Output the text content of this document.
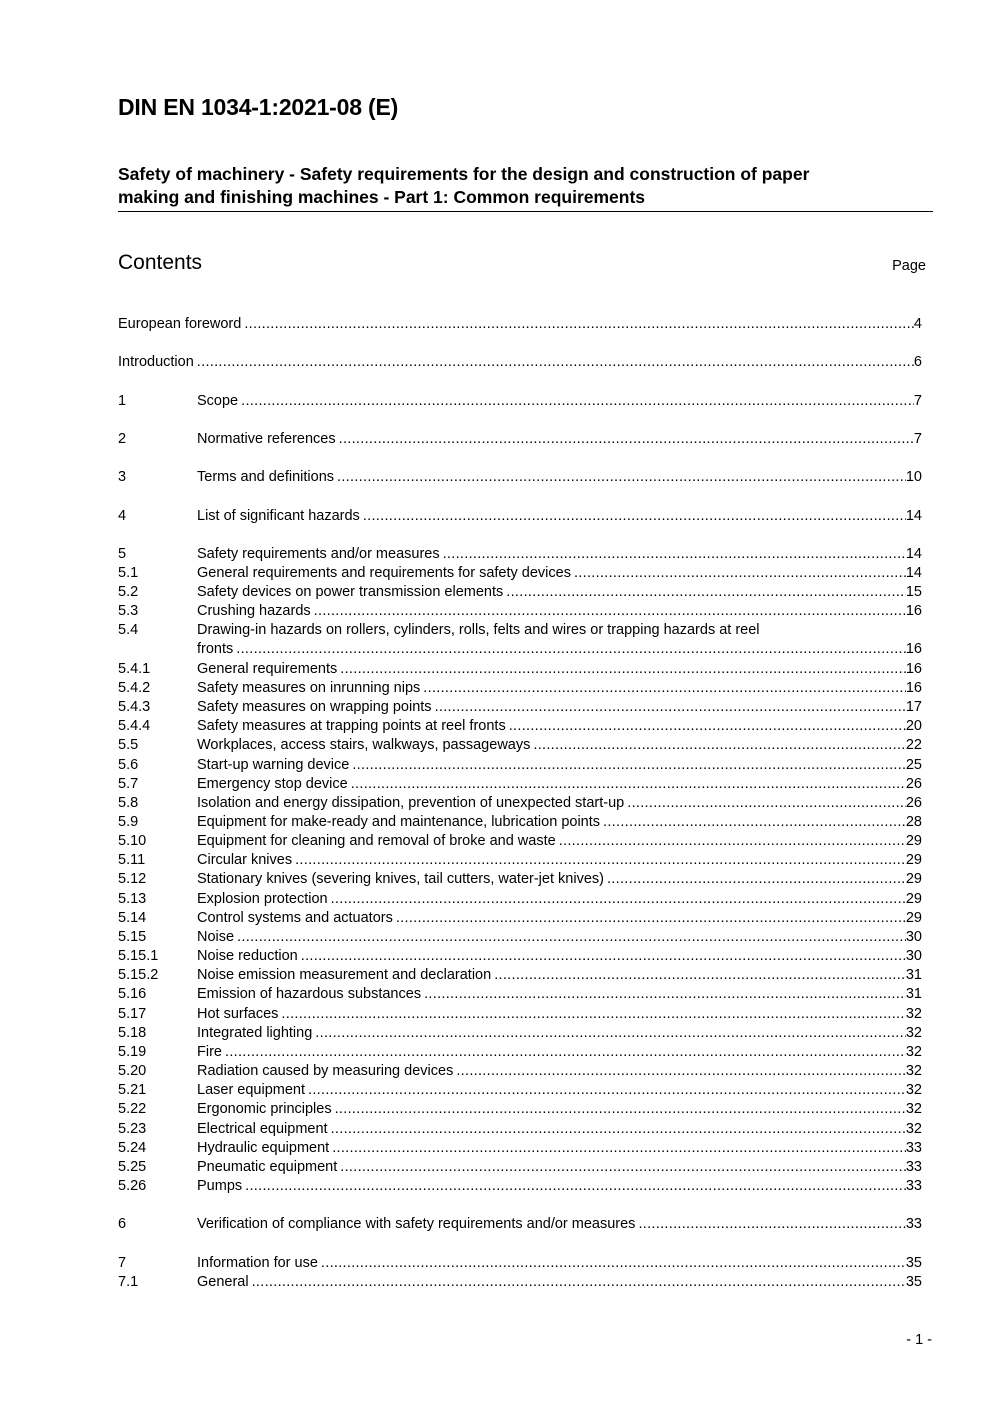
DIN EN 1034-1:2021-08 (E)
Safety of machinery - Safety requirements for the design and construction of paper
making and finishing machines - Part 1: Common requirements
Contents	Page
European foreword .....	4
Introduction .....	6
1	Scope .....	7
2	Normative references .....	7
3	Terms and definitions .....	10
4	List of significant hazards .....	14
5	Safety requirements and/or measures .....	14
5.1	General requirements and requirements for safety devices .....	14
5.2	Safety devices on power transmission elements .....	15
5.3	Crushing hazards .....	16
5.4	Drawing-in hazards on rollers, cylinders, rolls, felts and wires or trapping hazards at reel
fronts .....	16
5.4.1	General requirements .....	16
5.4.2	Safety measures on inrunning nips .....	16
5.4.3	Safety measures on wrapping points .....	17
5.4.4	Safety measures at trapping points at reel fronts .....	20
5.5	Workplaces, access stairs, walkways, passageways .....	22
5.6	Start-up warning device .....	25
5.7	Emergency stop device .....	26
5.8	Isolation and energy dissipation, prevention of unexpected start-up .....	26
5.9	Equipment for make-ready and maintenance, lubrication points .....	28
5.10	Equipment for cleaning and removal of broke and waste .....	29
5.11	Circular knives .....	29
5.12	Stationary knives (severing knives, tail cutters, water-jet knives) .....	29
5.13	Explosion protection .....	29
5.14	Control systems and actuators .....	29
5.15	Noise .....	30
5.15.1	Noise reduction .....	30
5.15.2	Noise emission measurement and declaration .....	31
5.16	Emission of hazardous substances .....	31
5.17	Hot surfaces .....	32
5.18	Integrated lighting .....	32
5.19	Fire .....	32
5.20	Radiation caused by measuring devices .....	32
5.21	Laser equipment .....	32
5.22	Ergonomic principles .....	32
5.23	Electrical equipment .....	32
5.24	Hydraulic equipment .....	33
5.25	Pneumatic equipment .....	33
5.26	Pumps .....	33
6	Verification of compliance with safety requirements and/or measures .....	33
7	Information for use .....	35
7.1	General .....	35
- 1 -
